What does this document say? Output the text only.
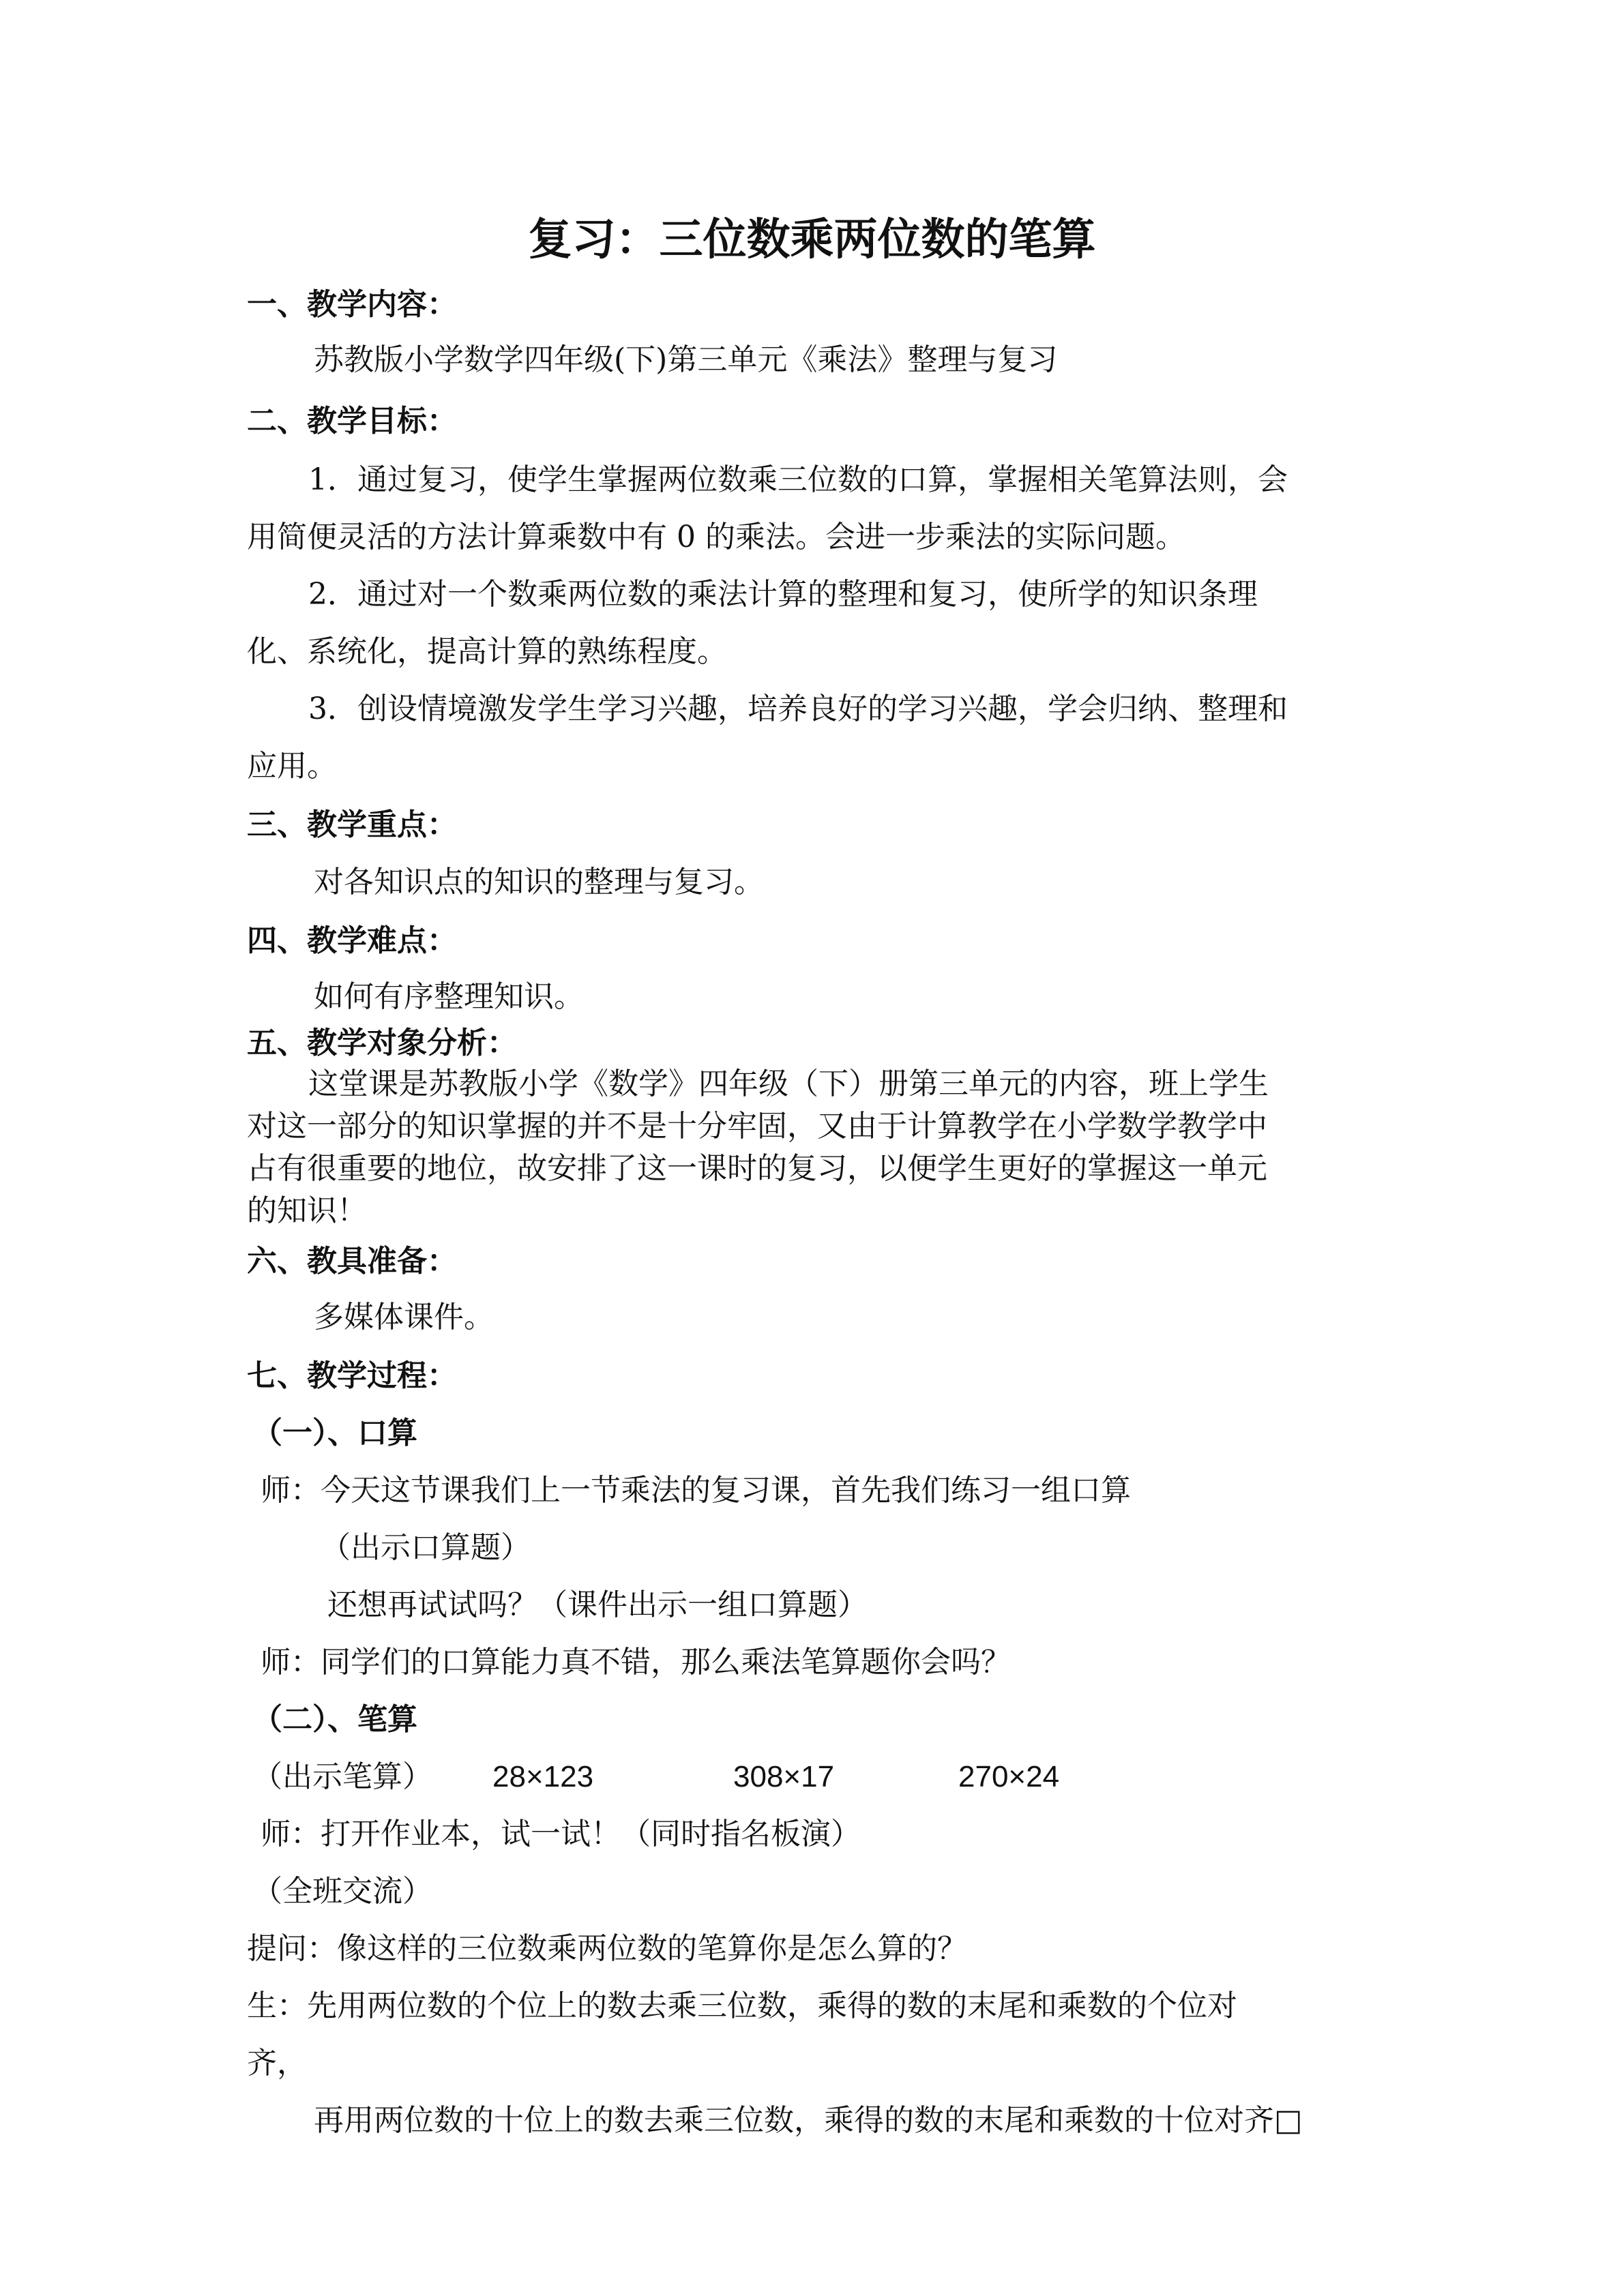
复习：三位数乘两位数的笔算

一、教学内容：

苏教版小学数学四年级(下)第三单元《乘法》整理与复习

二、教学目标：

1．通过复习，使学生掌握两位数乘三位数的口算，掌握相关笔算法则，会

用简便灵活的方法计算乘数中有 0 的乘法。会进一步乘法的实际问题。

2．通过对一个数乘两位数的乘法计算的整理和复习，使所学的知识条理

化、系统化，提高计算的熟练程度。

3．创设情境激发学生学习兴趣，培养良好的学习兴趣，学会归纳、整理和

应用。

三、教学重点：

对各知识点的知识的整理与复习。

四、教学难点：

如何有序整理知识。

五、教学对象分析：

这堂课是苏教版小学《数学》四年级（下）册第三单元的内容，班上学生

对这一部分的知识掌握的并不是十分牢固，又由于计算教学在小学数学教学中

占有很重要的地位，故安排了这一课时的复习，以便学生更好的掌握这一单元

的知识！

六、教具准备：

多媒体课件。

七、教学过程：

（一）、口算

师：今天这节课我们上一节乘法的复习课，首先我们练习一组口算

（出示口算题）

还想再试试吗？（课件出示一组口算题）

师：同学们的口算能力真不错，那么乘法笔算题你会吗？

（二）、笔算

（出示笔算） 28×123	308×17	270×24

师：打开作业本，试一试！（同时指名板演）

（全班交流）

提问：像这样的三位数乘两位数的笔算你是怎么算的？

生：先用两位数的个位上的数去乘三位数，乘得的数的末尾和乘数的个位对

齐，

再用两位数的十位上的数去乘三位数，乘得的数的末尾和乘数的十位对齐□
